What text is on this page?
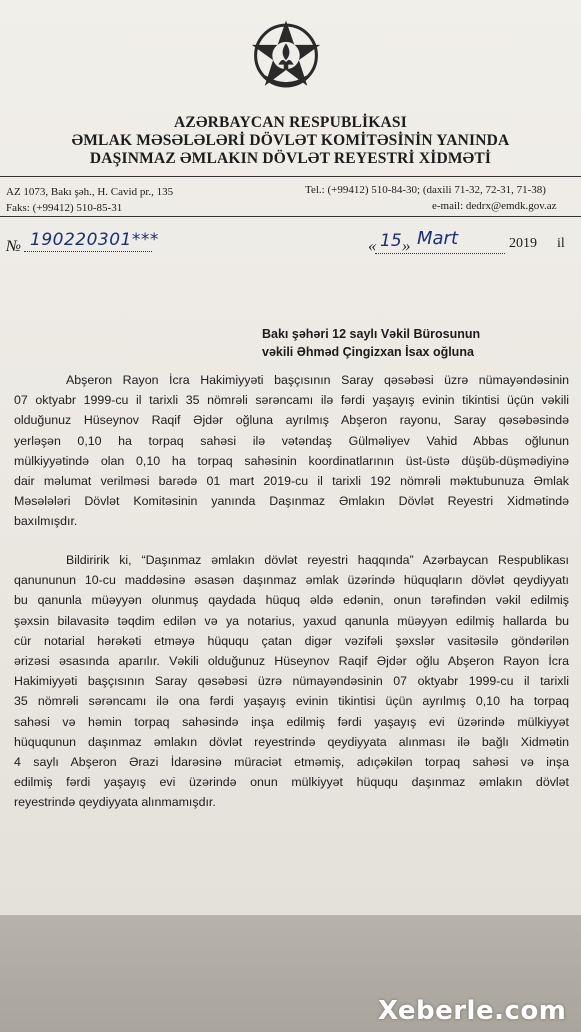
AZƏRBAYCAN RESPUBLİKASI
ƏMLAK MƏSƏLƏLƏRİ DÖVLƏT KOMİTƏSİNİN YANINDA
DAŞINMAZ ƏMLAKIN DÖVLƏT REYESTRİ XİDMƏTİ
AZ 1073, Bakı şəh., H. Cavid pr., 135
Faks: (+99412) 510-85-31
Tel.: (+99412) 510-84-30; (daxili 71-32, 72-31, 71-38)
e-mail: dedrx@emdk.gov.az
№ 190220301***	« 15 » Mart	2019 il
Bakı şəhəri 12 saylı Vəkil Bürosunun
vəkili Əhməd Çingizxan İsax oğluna
Abşeron Rayon İcra Hakimiyyəti başçısının Saray qəsəbəsi üzrə nümayəndəsinin
07 oktyabr 1999-cu il tarixli 35 nömrəli sərəncamı ilə fərdi yaşayış evinin tikintisi üçün vəkili
olduğunuz Hüseynov Raqif Əjdər oğluna ayrılmış Abşeron rayonu, Saray qəsəbəsində
yerləşən 0,10 ha torpaq sahəsi ilə vətəndaş Gülməliyev Vahid Abbas oğlunun
mülkiyyətində olan 0,10 ha torpaq sahəsinin koordinatlarının üst-üstə düşüb-düşmədiyinə
dair məlumat verilməsi barədə 01 mart 2019-cu il tarixli 192 nömrəli məktubunuza Əmlak
Məsələləri Dövlət Komitəsinin yanında Daşınmaz Əmlakın Dövlət Reyestri Xidmətində
baxılmışdır.
Bildiririk ki, “Daşınmaz əmlakın dövlət reyestri haqqında” Azərbaycan Respublikası
qanununun 10-cu maddəsinə əsasən daşınmaz əmlak üzərində hüquqların dövlət qeydiyyatı
bu qanunla müəyyən olunmuş qaydada hüquq əldə edənin, onun tərəfindən vəkil edilmiş
şəxsin bilavasitə təqdim edilən və ya notarius, yaxud qanunla müəyyən edilmiş hallarda bu
cür notarial hərəkəti etməyə hüququ çatan digər vəzifəli şəxslər vasitəsilə göndərilən
ərizəsi əsasında aparılır. Vəkili olduğunuz Hüseynov Raqif Əjdər oğlu Abşeron Rayon İcra
Hakimiyyəti başçısının Saray qəsəbəsi üzrə nümayəndəsinin 07 oktyabr 1999-cu il tarixli
35 nömrəli sərəncamı ilə ona fərdi yaşayış evinin tikintisi üçün ayrılmış 0,10 ha torpaq
sahəsi və həmin torpaq sahəsində inşa edilmiş fərdi yaşayış evi üzərində mülkiyyət
hüququnun daşınmaz əmlakın dövlət reyestrində qeydiyyata alınması ilə bağlı Xidmətin
4 saylı Abşeron Ərazi İdarəsinə müraciət etməmiş, adıçəkilən torpaq sahəsi və inşa
edilmiş fərdi yaşayış evi üzərində onun mülkiyyət hüququ daşınmaz əmlakın dövlət
reyestrində qeydiyyata alınmamışdır.
Xeberle.com
